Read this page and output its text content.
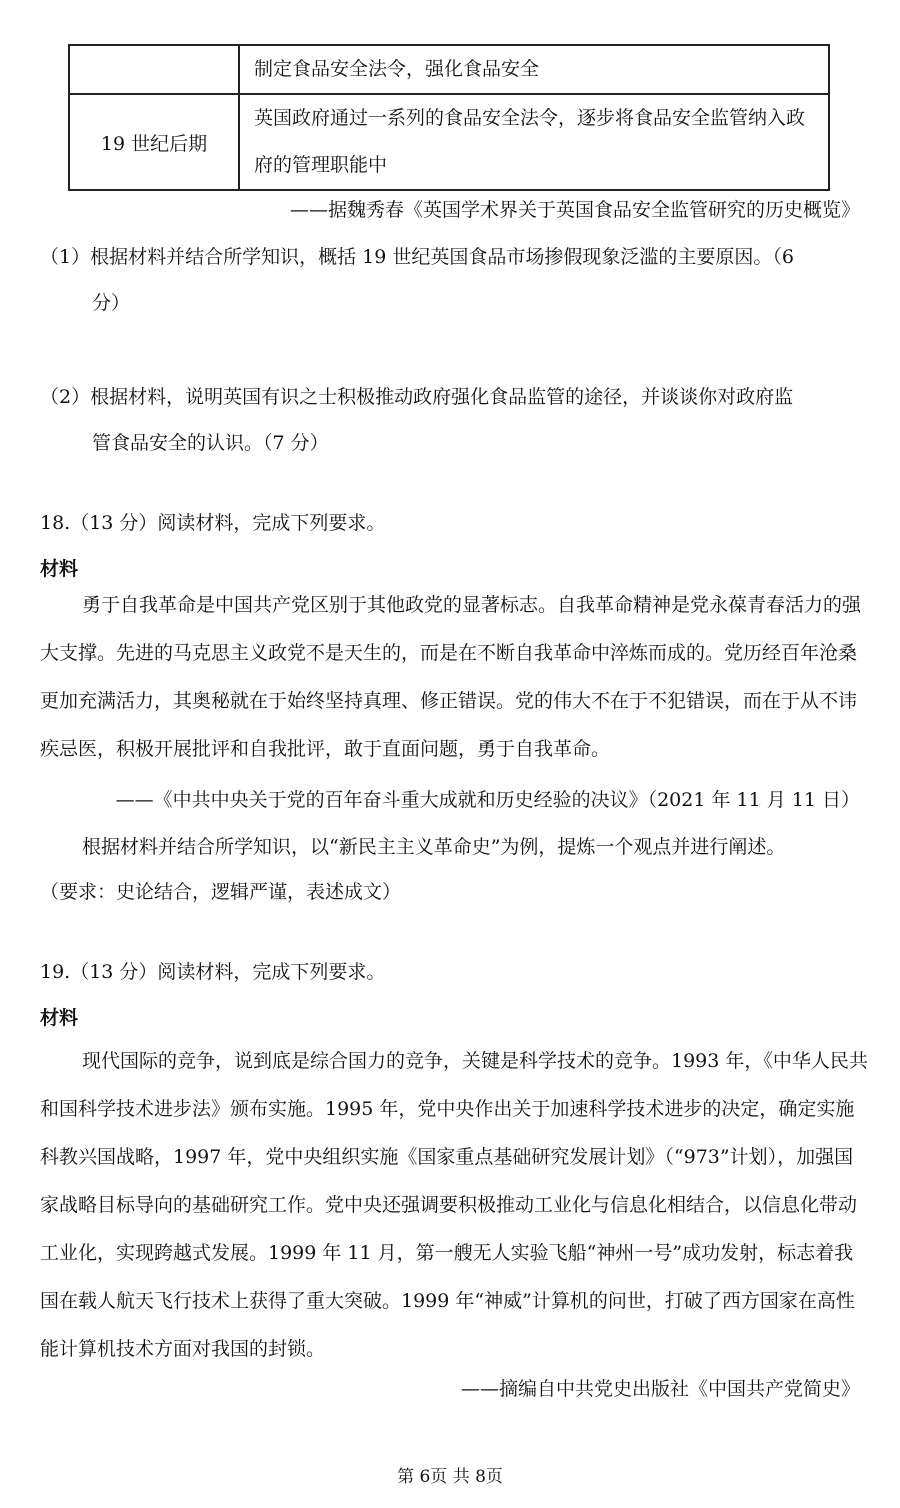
	制定食品安全法令，强化食品安全
19 世纪后期	英国政府通过一系列的食品安全法令，逐步将食品安全监管纳入政府的管理职能中
——据魏秀春《英国学术界关于英国食品安全监管研究的历史概览》
（1）根据材料并结合所学知识，概括 19 世纪英国食品市场掺假现象泛滥的主要原因。（6
分）
（2）根据材料，说明英国有识之士积极推动政府强化食品监管的途径，并谈谈你对政府监
管食品安全的认识。（7 分）
18.（13 分）阅读材料，完成下列要求。
材料
勇于自我革命是中国共产党区别于其他政党的显著标志。自我革命精神是党永葆青春活力的强大支撑。先进的马克思主义政党不是天生的，而是在不断自我革命中淬炼而成的。党历经百年沧桑更加充满活力，其奥秘就在于始终坚持真理、修正错误。党的伟大不在于不犯错误，而在于从不讳疾忌医，积极开展批评和自我批评，敢于直面问题，勇于自我革命。
——《中共中央关于党的百年奋斗重大成就和历史经验的决议》（2021 年 11 月 11 日）
根据材料并结合所学知识，以“新民主主义革命史”为例，提炼一个观点并进行阐述。
（要求：史论结合，逻辑严谨，表述成文）
19.（13 分）阅读材料，完成下列要求。
材料
现代国际的竞争，说到底是综合国力的竞争，关键是科学技术的竞争。1993 年，《中华人民共和国科学技术进步法》颁布实施。1995 年，党中央作出关于加速科学技术进步的决定，确定实施科教兴国战略，1997 年，党中央组织实施《国家重点基础研究发展计划》（“973”计划），加强国家战略目标导向的基础研究工作。党中央还强调要积极推动工业化与信息化相结合，以信息化带动工业化，实现跨越式发展。1999 年 11 月，第一艘无人实验飞船“神州一号”成功发射，标志着我国在载人航天飞行技术上获得了重大突破。1999 年“神威”计算机的问世，打破了西方国家在高性能计算机技术方面对我国的封锁。
——摘编自中共党史出版社《中国共产党简史》
第 6页 共 8页
